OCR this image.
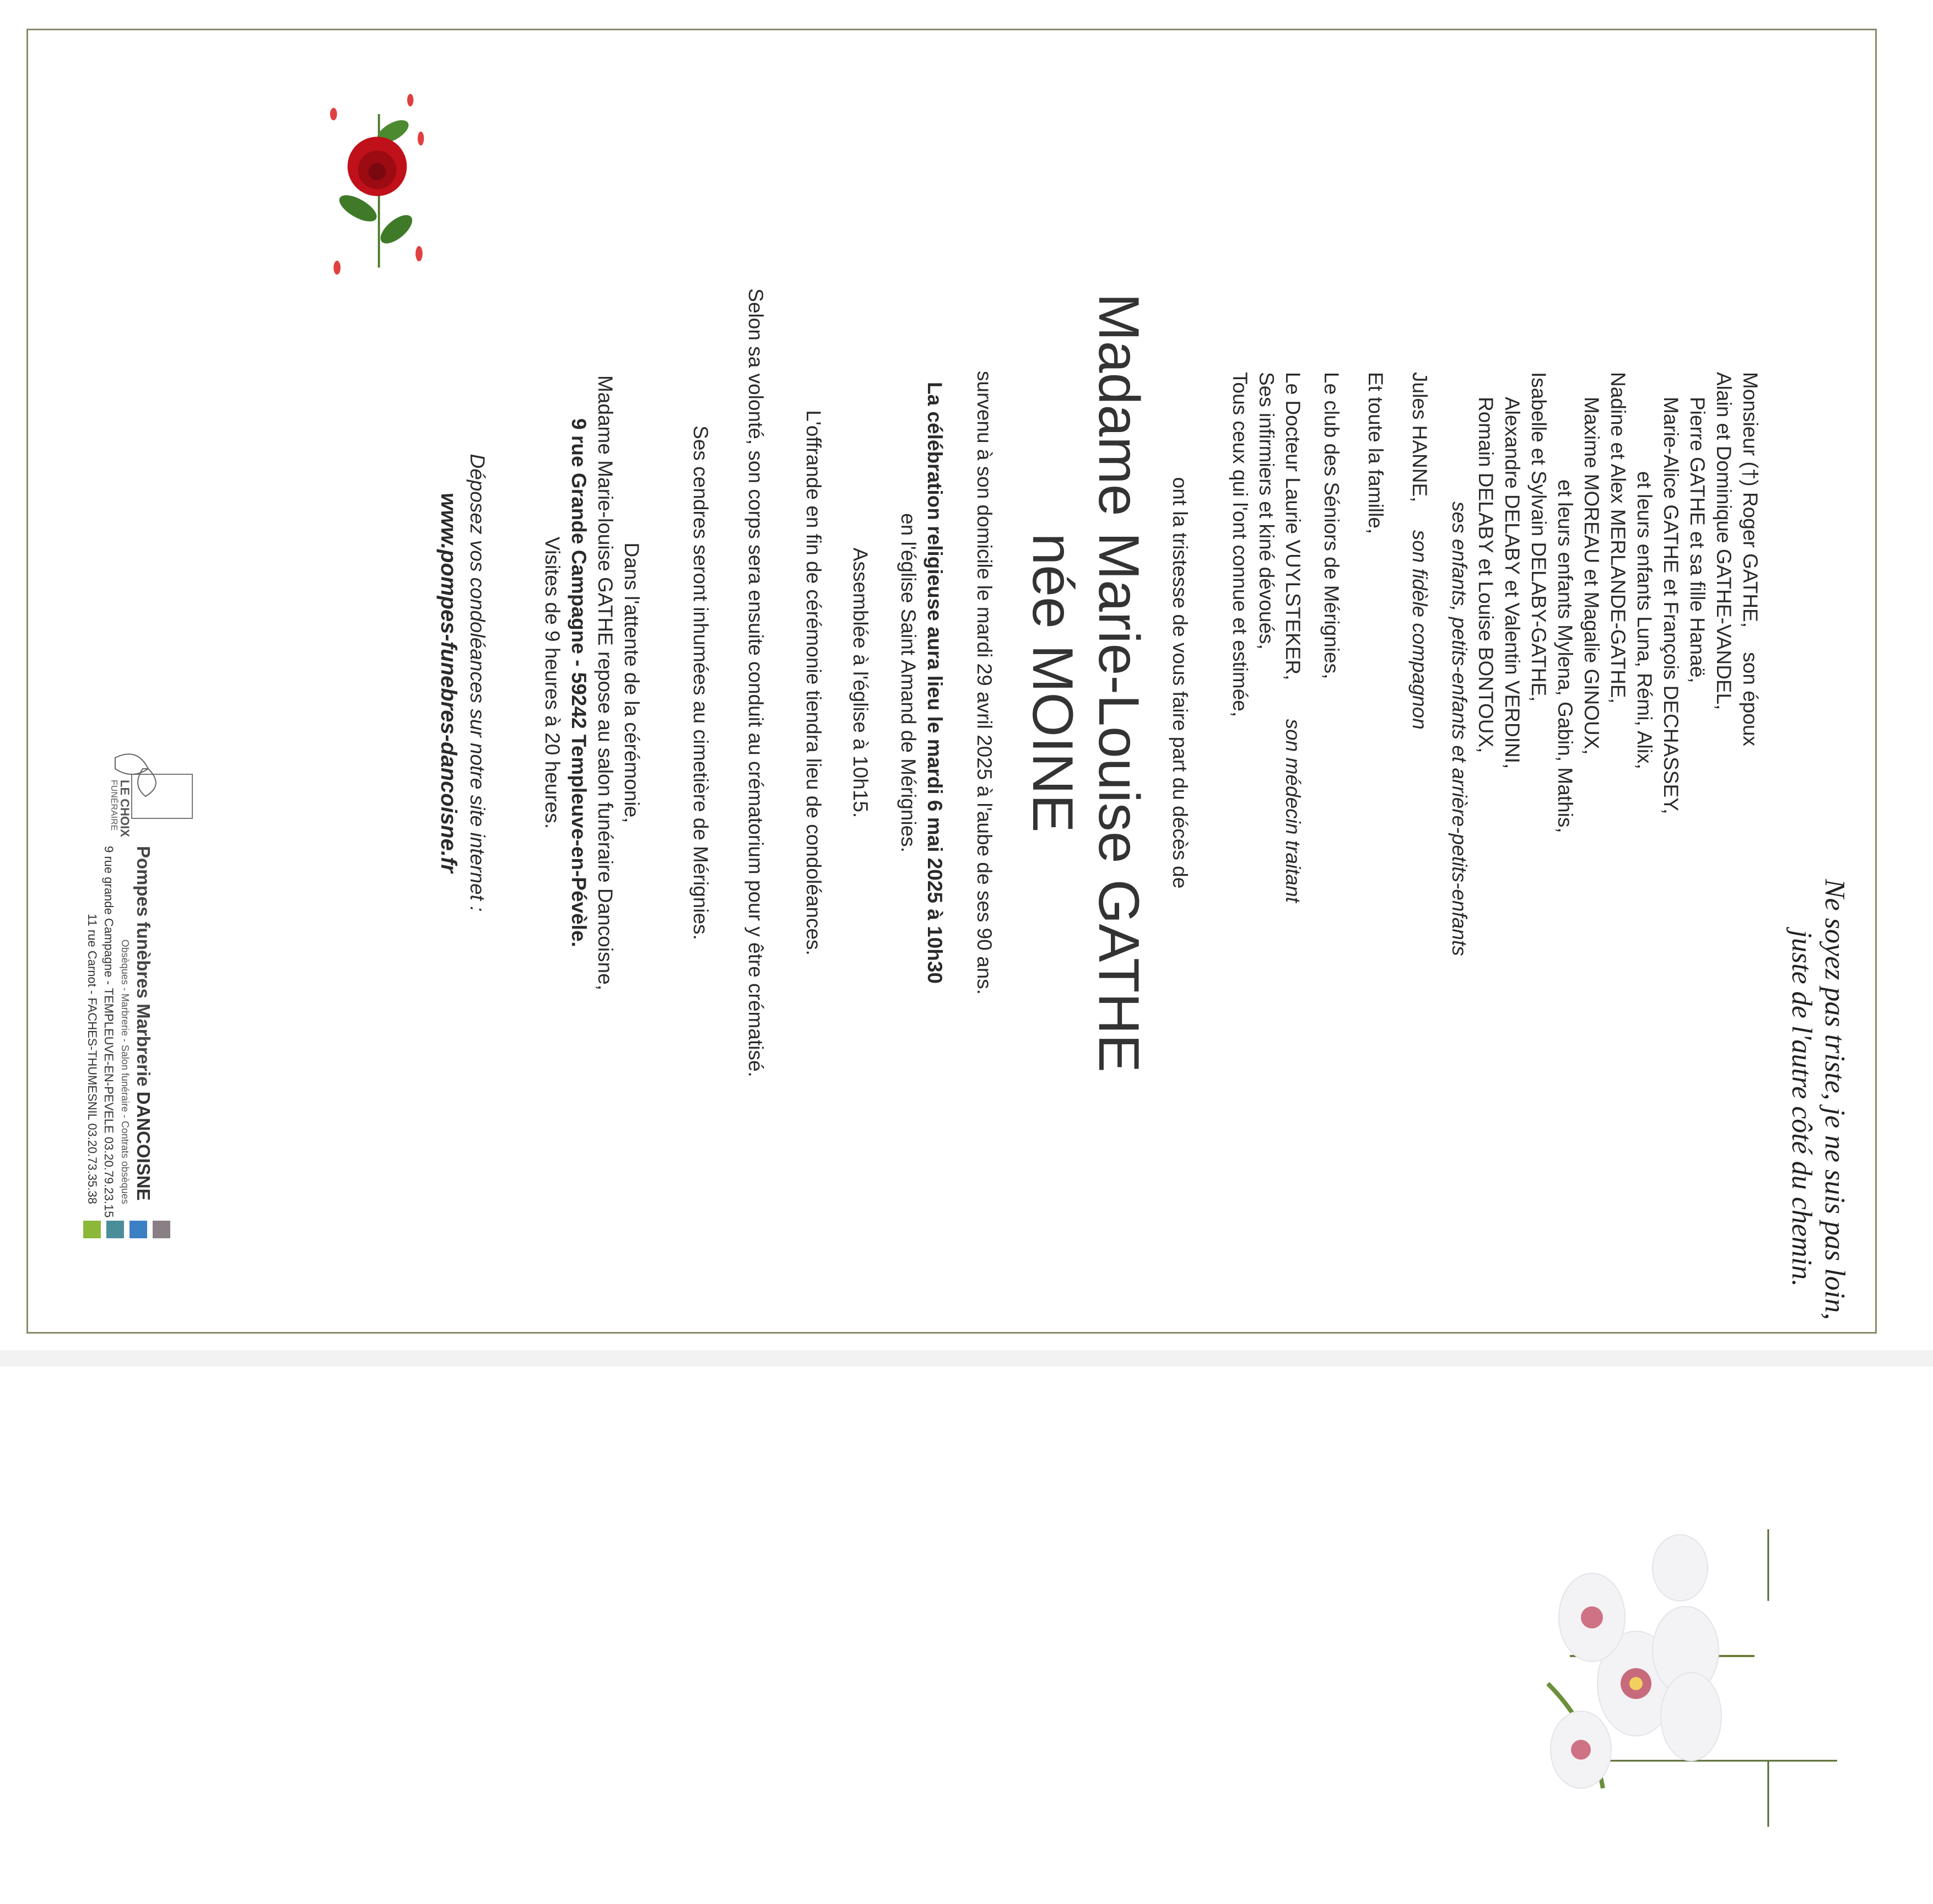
Ne soyez pas triste, je ne suis pas loin,
juste de l'autre côté du chemin.
Monsieur (†) Roger GATHE, son époux
Alain et Dominique GATHE-VANDEL,
Pierre GATHE et sa fille Hanaë,
Marie-Alice GATHE et François DECHASSEY,
et leurs enfants Luna, Rémi, Alix,
Nadine et Alex MERLANDE-GATHE,
Maxime MOREAU et Magalie GINOUX,
et leurs enfants Mylena, Gabin, Mathis,
Isabelle et Sylvain DELABY-GATHE,
Alexandre DELABY et Valentin VERDINI,
Romain DELABY et Louise BONTOUX,
ses enfants, petits-enfants et arrière-petits-enfants
Jules HANNE, son fidèle compagnon
Et toute la famille,
Le club des Séniors de Mérignies,
Le Docteur Laurie VUYLSTEKER, son médecin traitant
Ses infirmiers et kiné dévoués,
Tous ceux qui l'ont connue et estimée,
ont la tristesse de vous faire part du décès de
Madame Marie-Louise GATHE
née MOINE
survenu à son domicile le mardi 29 avril 2025 à l'aube de ses 90 ans.
La célébration religieuse aura lieu le mardi 6 mai 2025 à 10h30
en l'église Saint Amand de Mérignies.
Assemblée à l'église à 10h15.
L'offrande en fin de cérémonie tiendra lieu de condoléances.
Selon sa volonté, son corps sera ensuite conduit au crématorium pour y être crématisé.
Ses cendres seront inhumées au cimetière de Mérignies.
Dans l'attente de la cérémonie,
Madame Marie-louise GATHE repose au salon funéraire Dancoisne,
9 rue Grande Campagne - 59242 Templeuve-en-Pévèle.
Visites de 9 heures à 20 heures.
Déposez vos condoléances sur notre site internet :
www.pompes-funebres-dancoisne.fr
LE CHOIX
FUNÉRAIRE
Pompes funèbres Marbrerie DANCOISNE
Obsèques - Marbrerie - Salon funéraire - Contrats obsèques
9 rue grande Campagne - TEMPLEUVE-EN-PEVELE 03.20.79.23.15
11 rue Carnot - FACHES-THUMESNIL 03.20.73.35.38
